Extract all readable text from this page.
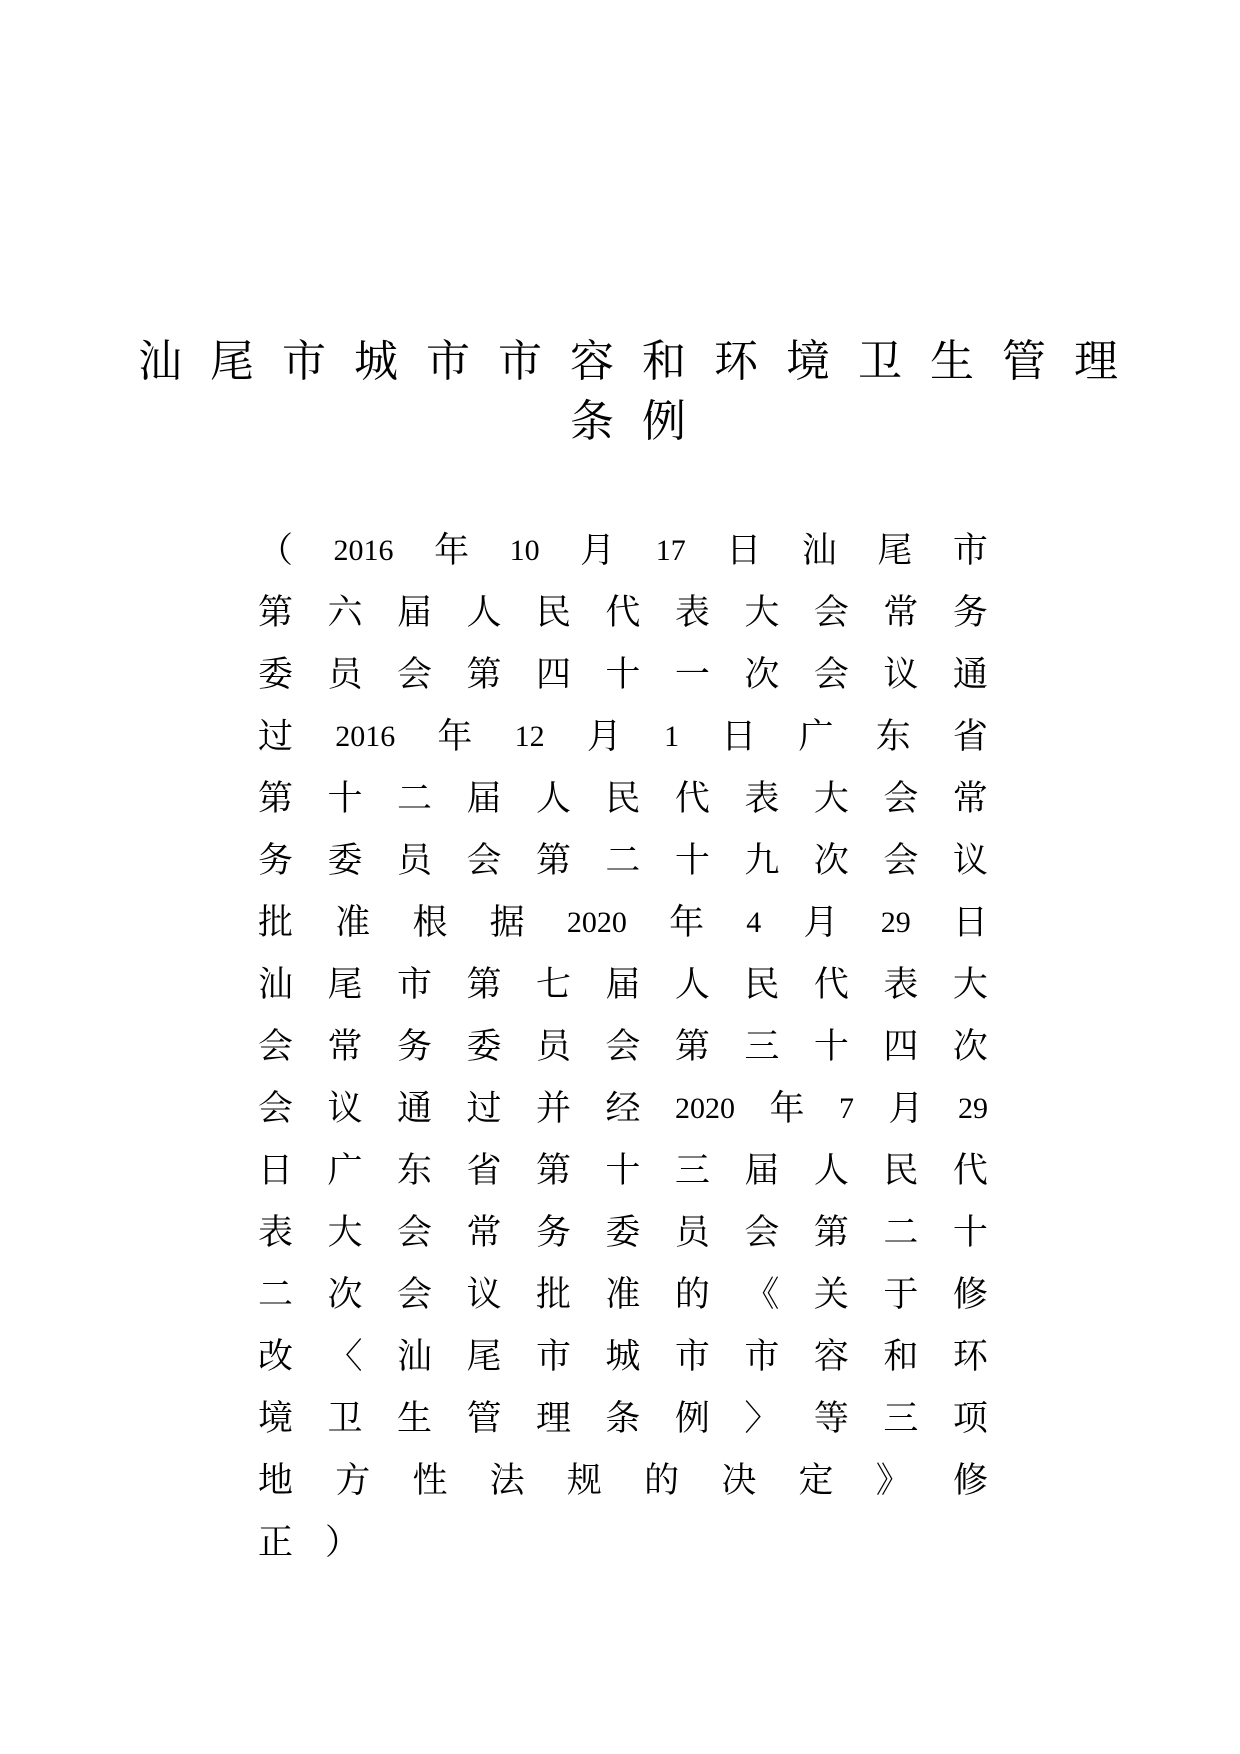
汕尾市城市市容和环境卫生管理
条例
（ 2016 年 10 月 17 日 汕 尾 市
第 六 届 人 民 代 表 大 会 常 务
委 员 会 第 四 十 一 次 会 议 通
过 2016 年 12 月 1 日 广 东 省
第 十 二 届 人 民 代 表 大 会 常
务 委 员 会 第 二 十 九 次 会 议
批 准 根 据 2020 年 4 月 29 日
汕 尾 市 第 七 届 人 民 代 表 大
会 常 务 委 员 会 第 三 十 四 次
会 议 通 过 并 经 2020 年 7 月 29
日 广 东 省 第 十 三 届 人 民 代
表 大 会 常 务 委 员 会 第 二 十
二 次 会 议 批 准 的 《 关 于 修
改 〈 汕 尾 市 城 市 市 容 和 环
境 卫 生 管 理 条 例 〉 等 三 项
地 方 性 法 规 的 决 定 》 修
正 ）
